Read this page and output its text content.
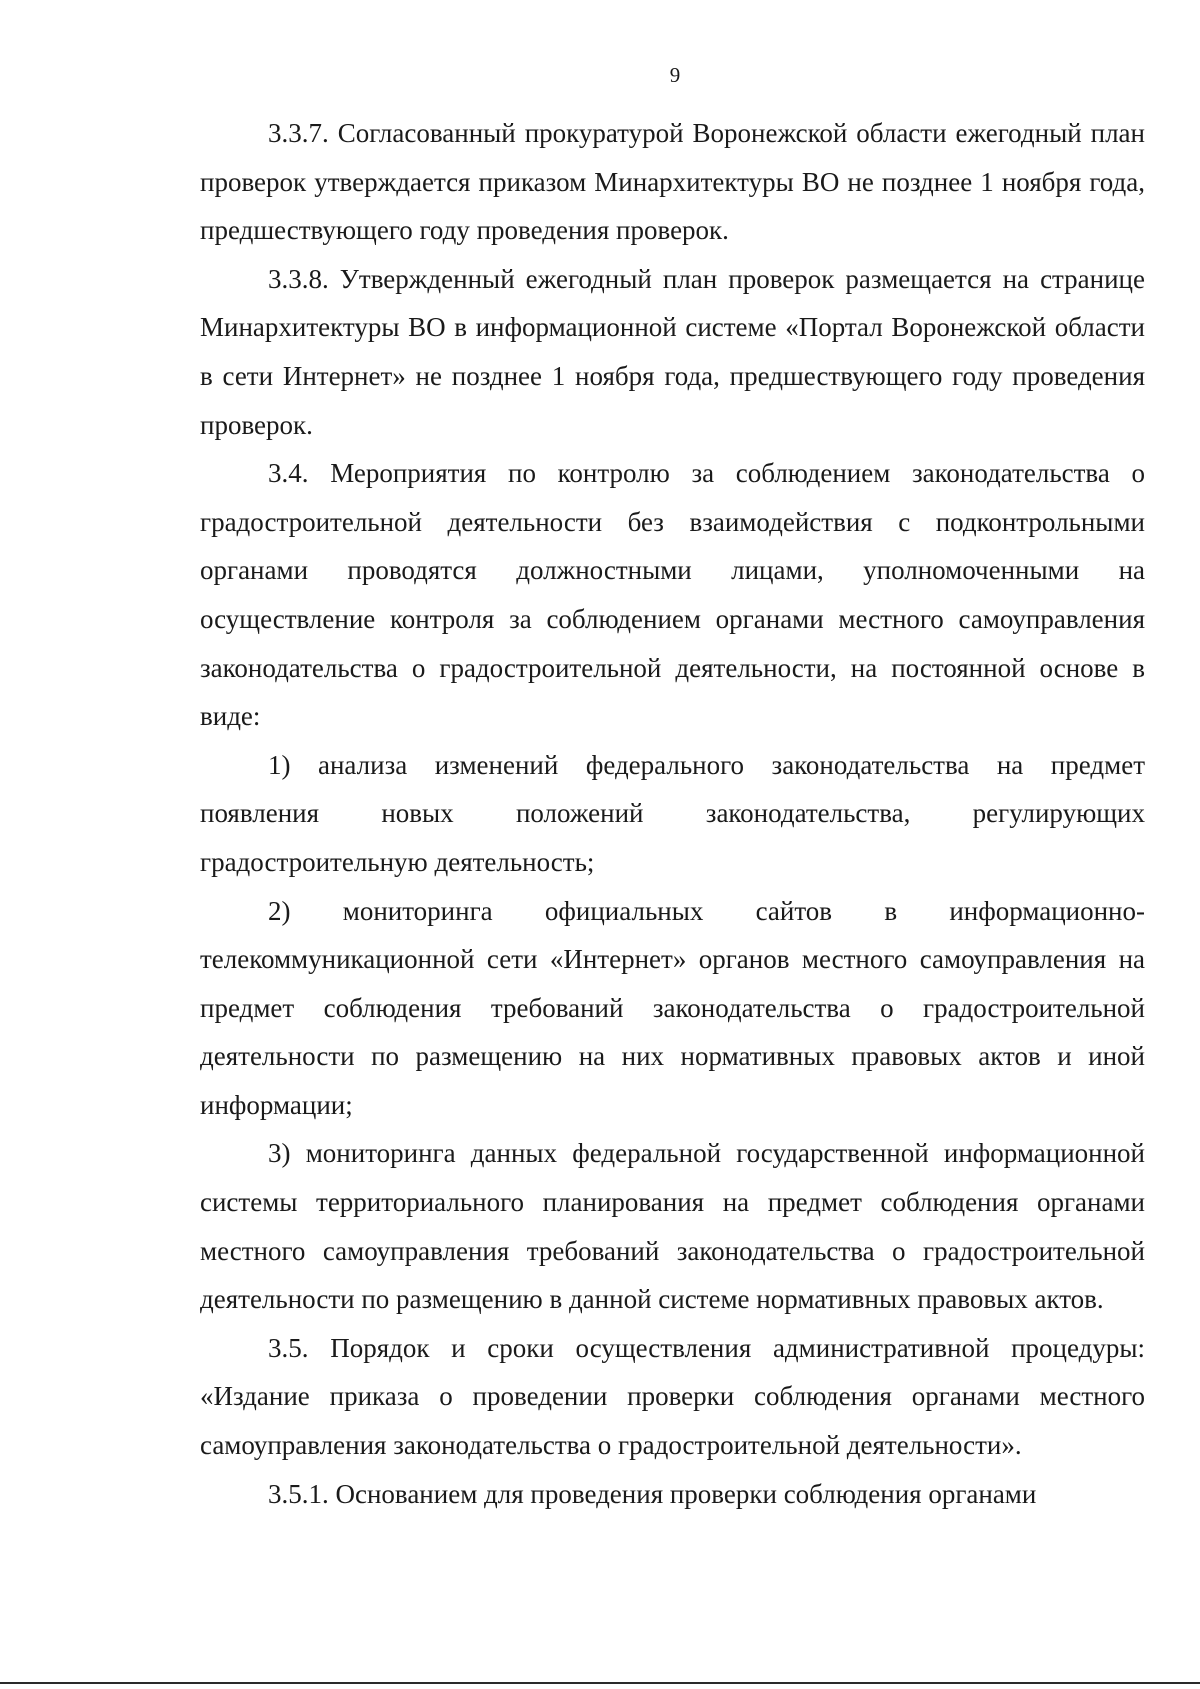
9

3.3.7. Согласованный прокуратурой Воронежской области ежегодный план проверок утверждается приказом Минархитектуры ВО не позднее 1 ноября года, предшествующего году проведения проверок.

3.3.8. Утвержденный ежегодный план проверок размещается на странице Минархитектуры ВО в информационной системе «Портал Воронежской области в сети Интернет» не позднее 1 ноября года, предшествующего году проведения проверок.

3.4. Мероприятия по контролю за соблюдением законодательства о градостроительной деятельности без взаимодействия с подконтрольными органами проводятся должностными лицами, уполномоченными на осуществление контроля за соблюдением органами местного самоуправления законодательства о градостроительной деятельности, на постоянной основе в виде:

1) анализа изменений федерального законодательства на предмет появления новых положений законодательства, регулирующих градостроительную деятельность;

2) мониторинга официальных сайтов в информационно-телекоммуникационной сети «Интернет» органов местного самоуправления на предмет соблюдения требований законодательства о градостроительной деятельности по размещению на них нормативных правовых актов и иной информации;

3) мониторинга данных федеральной государственной информационной системы территориального планирования на предмет соблюдения органами местного самоуправления требований законодательства о градостроительной деятельности по размещению в данной системе нормативных правовых актов.

3.5. Порядок и сроки осуществления административной процедуры: «Издание приказа о проведении проверки соблюдения органами местного самоуправления законодательства о градостроительной деятельности».

3.5.1. Основанием для проведения проверки соблюдения органами
